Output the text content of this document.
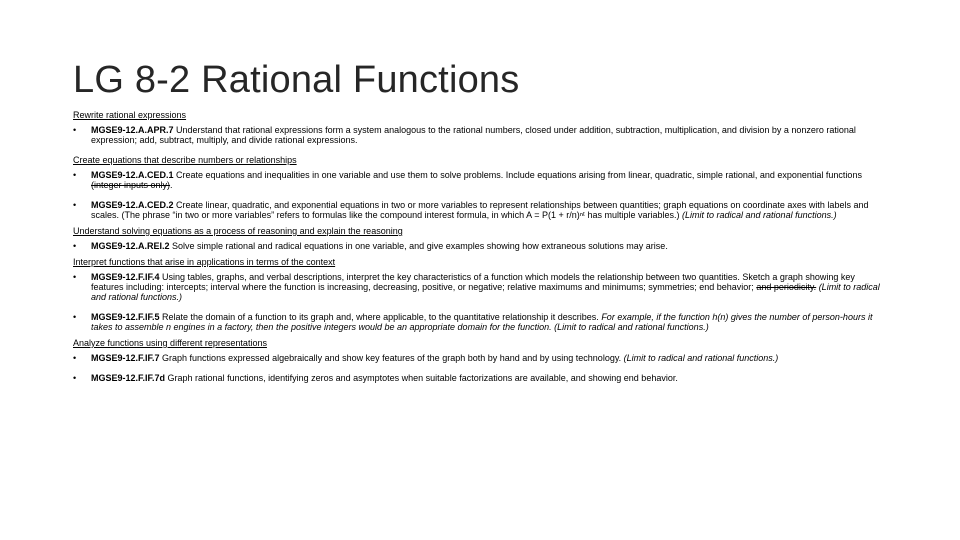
LG 8-2 Rational Functions
Rewrite rational expressions
• MGSE9-12.A.APR.7 Understand that rational expressions form a system analogous to the rational numbers, closed under addition, subtraction, multiplication, and division by a nonzero rational expression; add, subtract, multiply, and divide rational expressions.
Create equations that describe numbers or relationships
• MGSE9-12.A.CED.1 Create equations and inequalities in one variable and use them to solve problems. Include equations arising from linear, quadratic, simple rational, and exponential functions (integer inputs only).
• MGSE9-12.A.CED.2 Create linear, quadratic, and exponential equations in two or more variables to represent relationships between quantities; graph equations on coordinate axes with labels and scales. (The phrase “in two or more variables” refers to formulas like the compound interest formula, in which A = P(1 + r/n)ⁿᵗ has multiple variables.) (Limit to radical and rational functions.)
Understand solving equations as a process of reasoning and explain the reasoning
• MGSE9-12.A.REI.2 Solve simple rational and radical equations in one variable, and give examples showing how extraneous solutions may arise.
Interpret functions that arise in applications in terms of the context
• MGSE9-12.F.IF.4 Using tables, graphs, and verbal descriptions, interpret the key characteristics of a function which models the relationship between two quantities. Sketch a graph showing key features including: intercepts; interval where the function is increasing, decreasing, positive, or negative; relative maximums and minimums; symmetries; end behavior; and periodicity. (Limit to radical and rational functions.)
• MGSE9-12.F.IF.5 Relate the domain of a function to its graph and, where applicable, to the quantitative relationship it describes. For example, if the function h(n) gives the number of person-hours it takes to assemble n engines in a factory, then the positive integers would be an appropriate domain for the function. (Limit to radical and rational functions.)
Analyze functions using different representations
• MGSE9-12.F.IF.7 Graph functions expressed algebraically and show key features of the graph both by hand and by using technology. (Limit to radical and rational functions.)
• MGSE9-12.F.IF.7d Graph rational functions, identifying zeros and asymptotes when suitable factorizations are available, and showing end behavior.
